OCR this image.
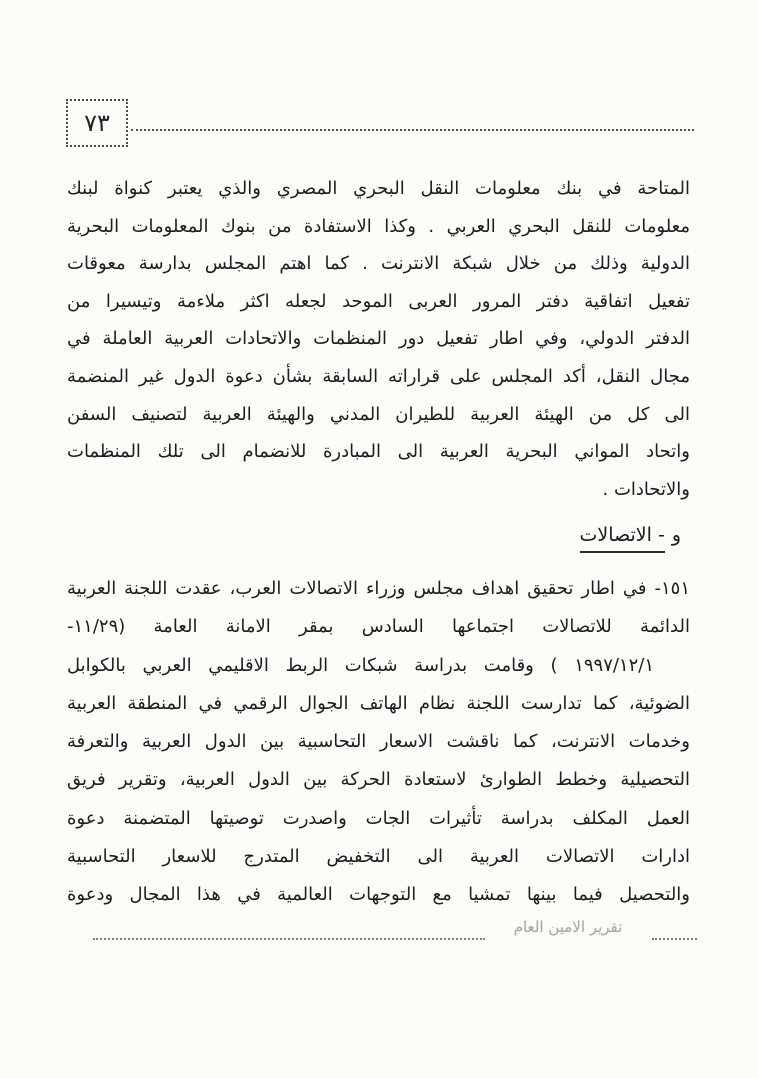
٧٣
المتاحة في بنك معلومات النقل البحري المصري والذي يعتبر كنواة لبنك
معلومات للنقل البحري العربي . وكذا الاستفادة من بنوك المعلومات البحرية
الدولية وذلك من خلال شبكة الانترنت . كما اهتم المجلس بدارسة معوقات
تفعيل اتفاقية دفتر المرور العربى الموحد لجعله اكثر ملاءمة وتيسيرا من
الدفتر الدولي، وفي اطار تفعيل دور المنظمات والاتحادات العربية العاملة في
مجال النقل، أكد المجلس على قراراته السابقة بشأن دعوة الدول غير المنضمة
الى كل من الهيئة العربية للطيران المدني والهيئة العربية لتصنيف السفن
واتحاد المواني البحرية العربية الى المبادرة للانضمام الى تلك المنظمات
والاتحادات .
و- الاتصالات
١٥١- في اطار تحقيق اهداف مجلس وزراء الاتصالات العرب، عقدت اللجنة العربية
الدائمة للاتصالات اجتماعها السادس بمقر الامانة العامة (١١/٢٩-
١٩٩٧/١٢/١ ) وقامت بدراسة شبكات الربط الاقليمي العربي بالكوابل
الضوئية، كما تدارست اللجنة نظام الهاتف الجوال الرقمي في المنطقة العربية
وخدمات الانترنت، كما ناقشت الاسعار التحاسبية بين الدول العربية والتعرفة
التحصيلية وخطط الطوارئ لاستعادة الحركة بين الدول العربية، وتقرير فريق
العمل المكلف بدراسة تأثيرات الجات واصدرت توصيتها المتضمنة دعوة
ادارات الاتصالات العربية الى التخفيض المتدرج للاسعار التحاسبية
والتحصيل فيما بينها تمشيا مع التوجهات العالمية في هذا المجال ودعوة
تقرير الامين العام
